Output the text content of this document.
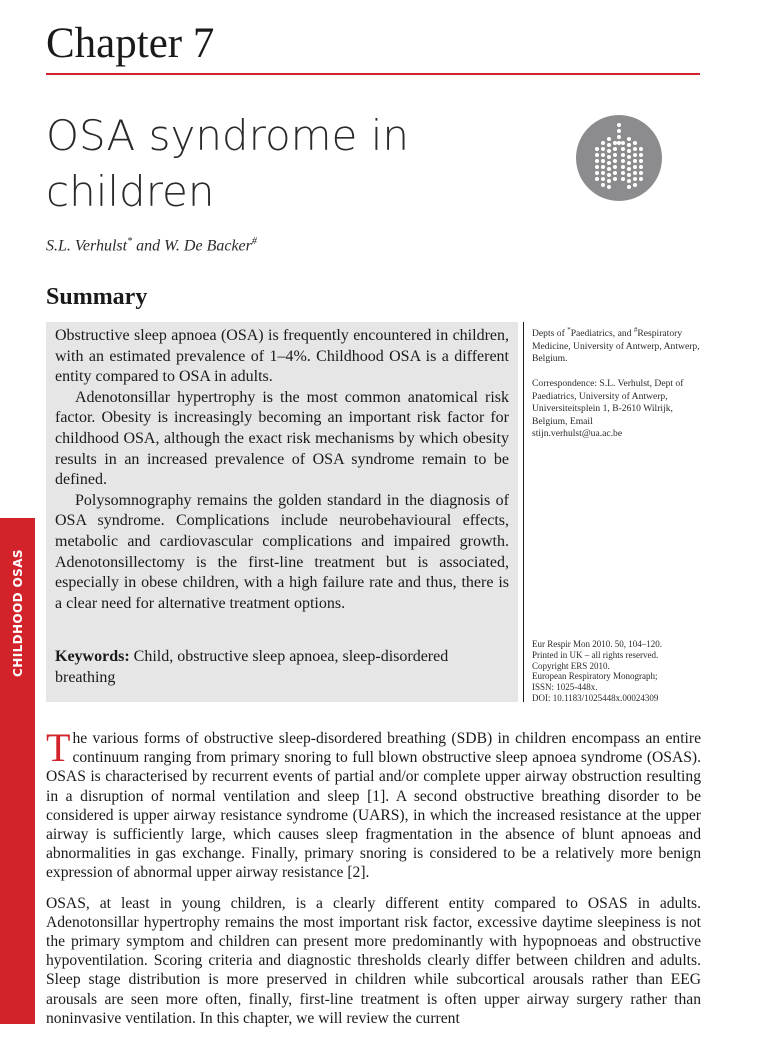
Chapter 7
OSA syndrome in
children
S.L. Verhulst* and W. De Backer#
Summary

Obstructive sleep apnoea (OSA) is frequently encountered in children, with an estimated prevalence of 1–4%. Childhood OSA is a different entity compared to OSA in adults.

Adenotonsillar hypertrophy is the most common anatomical risk factor. Obesity is increasingly becoming an important risk factor for childhood OSA, although the exact risk mechanisms by which obesity results in an increased prevalence of OSA syndrome remain to be defined.

Polysomnography remains the golden standard in the diagnosis of OSA syndrome. Complications include neurobehavioural effects, metabolic and cardiovascular complications and impaired growth. Adenotonsillectomy is the first-line treatment but is associated, especially in obese children, with a high failure rate and thus, there is a clear need for alternative treatment options.

Keywords: Child, obstructive sleep apnoea, sleep-disordered breathing

Depts of *Paediatrics, and #Respiratory Medicine, University of Antwerp, Antwerp, Belgium.

Correspondence: S.L. Verhulst, Dept of Paediatrics, University of Antwerp, Universiteitsplein 1, B-2610 Wilrijk, Belgium, Email

stijn.verhulst@ua.ac.be

Eur Respir Mon 2010. 50, 104–120.

Printed in UK – all rights reserved.

Copyright ERS 2010.

European Respiratory Monograph;

ISSN: 1025-448x.

DOI: 10.1183/1025448x.00024309

CHILDHOOD OSAS

The various forms of obstructive sleep-disordered breathing (SDB) in children encompass an entire continuum ranging from primary snoring to full blown obstructive sleep apnoea syndrome (OSAS). OSAS is characterised by recurrent events of partial and/or complete upper airway obstruction resulting in a disruption of normal ventilation and sleep [1]. A second obstructive breathing disorder to be considered is upper airway resistance syndrome (UARS), in which the increased resistance at the upper airway is sufficiently large, which causes sleep fragmentation in the absence of blunt apnoeas and abnormalities in gas exchange. Finally, primary snoring is considered to be a relatively more benign expression of abnormal upper airway resistance [2].

OSAS, at least in young children, is a clearly different entity compared to OSAS in adults. Adenotonsillar hypertrophy remains the most important risk factor, excessive daytime sleepiness is not the primary symptom and children can present more predominantly with hypopnoeas and obstructive hypoventilation. Scoring criteria and diagnostic thresholds clearly differ between children and adults. Sleep stage distribution is more preserved in children while subcortical arousals rather than EEG arousals are seen more often, finally, first-line treatment is often upper airway surgery rather than noninvasive ventilation. In this chapter, we will review the current
